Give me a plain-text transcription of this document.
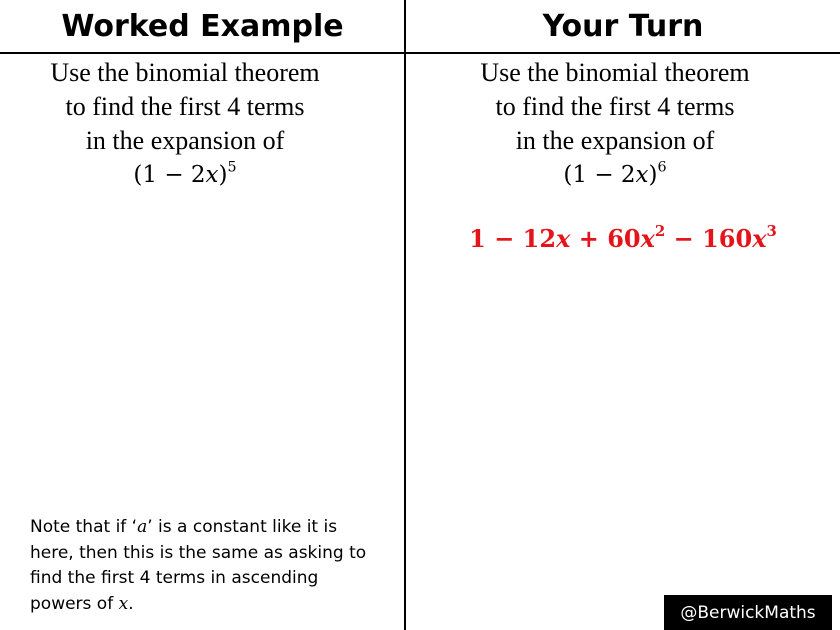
Worked Example	Your Turn
Use the binomial theorem
to find the first 4 terms
in the expansion of
$(1 - 2x)^5$
Use the binomial theorem
to find the first 4 terms
in the expansion of
$(1 - 2x)^6$
$1 - 12x + 60x^2 - 160x^3$
Note that if ‘a’ is a constant like it is here, then this is the same as asking to find the first 4 terms in ascending powers of x.	@BerwickMaths
